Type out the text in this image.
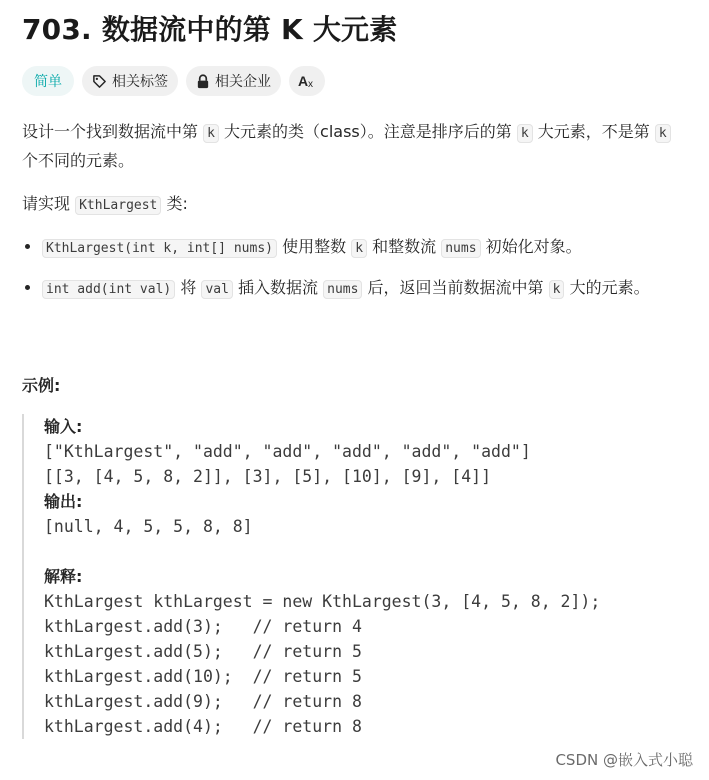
703. 数据流中的第 K 大元素
简单	相关标签	相关企业 A x

设计一个找到数据流中第 k 大元素的类（class）。注意是排序后的第 k 大元素，不是第 k 个不同的元素。

请实现 KthLargest 类:
• KthLargest(int k, int[] nums) 使用整数 k 和整数流 nums 初始化对象。
• int add(int val) 将 val 插入数据流 nums 后，返回当前数据流中第 k 大的元素。
示例:
输入:
["KthLargest", "add", "add", "add", "add", "add"]
[[3, [4, 5, 8, 2]], [3], [5], [10], [9], [4]]
输出:
[null, 4, 5, 5, 8, 8]
解释:
KthLargest kthLargest = new KthLargest(3, [4, 5, 8, 2]);
kthLargest.add(3);   // return 4
kthLargest.add(5);   // return 5
kthLargest.add(10);  // return 5
kthLargest.add(9);   // return 8
kthLargest.add(4);   // return 8
CSDN @嵌入式小聪
